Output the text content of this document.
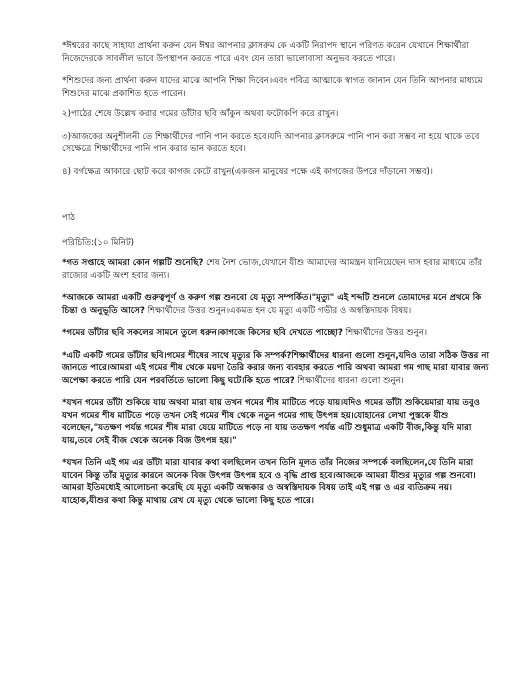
*ঈশ্বরের কাছে সাহায্য প্রার্থনা করুন যেন ঈশ্বর আপনার ক্লাসরুম কে একটি নিরাপদ স্থানে পরিণত করেন যেখানে শিক্ষার্থীরা নিজেদেরকে সাবলীল ভাবে উপস্থাপন করতে পারে এবং যেন তারা ভালোবাসা অনুভব করতে পারে।

*শিশুদের জন্য প্রার্থনা করুন যাদের মাঝে আপনি শিক্ষা দিবেন।এবং পবিত্র আত্মাকে স্বাগত জানান যেন তিনি আপনার মাধ্যমে শিশুদের মাঝে প্রকাশিত হতে পারেন।

২)পাঠের শেষে উল্লেখ করার গমের ডাঁটার ছবি আঁকুন অথবা ফটোকপি করে রাখুন।

৩)আজকের অনুশীলনী তে শিক্ষার্থীদের পানি পান করতে হবে।যদি আপনার ক্লাসরুমে পানি পান করা সম্ভব না হয়ে থাকে তবে সেক্ষেত্রে শিক্ষার্থীদের পানি পান করার ভান করতে হবে।

৪) বর্গক্ষেত্র আকারে ছোট করে কাগজ কেটে রাখুন(একজন মানুষের পক্ষে এই কাগজের উপরে দাঁড়ানো সম্ভব)।

পাঠ

পরিচিতি:(১০ মিনিট)

*গত সপ্তাহে আমরা কোন গল্পটি শুনেছি? শেষ নৈশ ভোজ,যেখানে যীশু আমাদের আমন্ত্রন যানিয়েছেন দাস হবার মাধ্যমে তাঁর রাজ্যের একটি অংশ হবার জন্য।

*আজকে আমরা একটি গুরুত্বপূর্ণ ও করুণ গল্প শুনবো যে মৃত্যু সম্পর্কিত।"মৃত্যু" এই শব্দটি শুনলে তোমাদের মনে প্রথমে কি চিন্তা ও অনুভূতি আসে? শিক্ষার্থীদের উত্তর শুনুন।একমত হন যে মৃত্যু একটি গভীর ও অস্বস্তিদায়ক বিষয়।

*গমের ডাঁটার ছবি সকলের সামনে তুলে ধরুন।কাগজে কিসের ছবি দেখতে পাচ্ছো? শিক্ষার্থীদের উত্তর শুনুন।

*এটি একটি গমের ডাঁটার ছবি।গমের শীষের সাথে মৃত্যুর কি সম্পর্ক?শিক্ষার্থীদের ধারনা গুলো শুনুন,যদিও তারা সঠিক উত্তর না জানতে পারে।আমরা এই গমের শীষ থেকে ময়দা তৈরি করার জন্য ব্যবহার করতে পারি অথবা আমরা গম গাছ মারা যাবার জন্য অপেক্ষা করতে পারি যেন পরবর্তিতে ভালো কিছু ঘটে।কি হতে পারে? শিক্ষার্থীদের ধারনা গুলো শুনুন।

*যখন গমের ডাঁটা শুকিয়ে যায় অথবা মারা যায় তখন গমের শীষ মাটিতে পড়ে যায়।যদিও গমের ডাঁটা শুকিয়েমারা যায় তবুও যখন গমের শীষ মাটিতে পড়ে তখন সেই গমের শীষ থেকে নতুন গমের গাছ উৎপন্ন হয়।যোহানের লেখা পুস্তকে যীশু বলেছেন,"যতক্ষণ পর্যন্ত গমের শীষ মারা যেয়ে মাটিতে পড়ে না যায় ততক্ষণ পর্যন্ত এটি শুধুমাত্র একটি বীজ,কিন্তু যদি মারা যায়,তবে সেই বীজ থেকে অনেক বিজ উৎপন্ন হয়।"

*যখন তিনি এই গম এর ডাঁটা মারা যাবার কথা বলছিলেন তখন তিনি মূলত তাঁর নিজের সম্পর্কে বলছিলেন,যে তিনি মারা যাবেন কিন্তু তাঁর মৃত্যুর কারনে অনেক বিজ উৎপন্ন উৎপন্ন হবে ও বৃদ্ধি প্রাপ্ত হবে।আজকে আমরা যীশুর মৃত্যুর গল্প শুনবো।আমরা ইতিমধ্যেই আলোচনা করেছি যে মৃত্যু একটি অন্ধকার ও অস্বস্তিদায়ক বিষয় তাই এই গল্প ও এর ব্যতিক্রম নয়।যাহোক,যীশুর কথা কিন্তু মাথায় রেখ যে মৃত্যু থেকে ভালো কিছু হতে পারে।
